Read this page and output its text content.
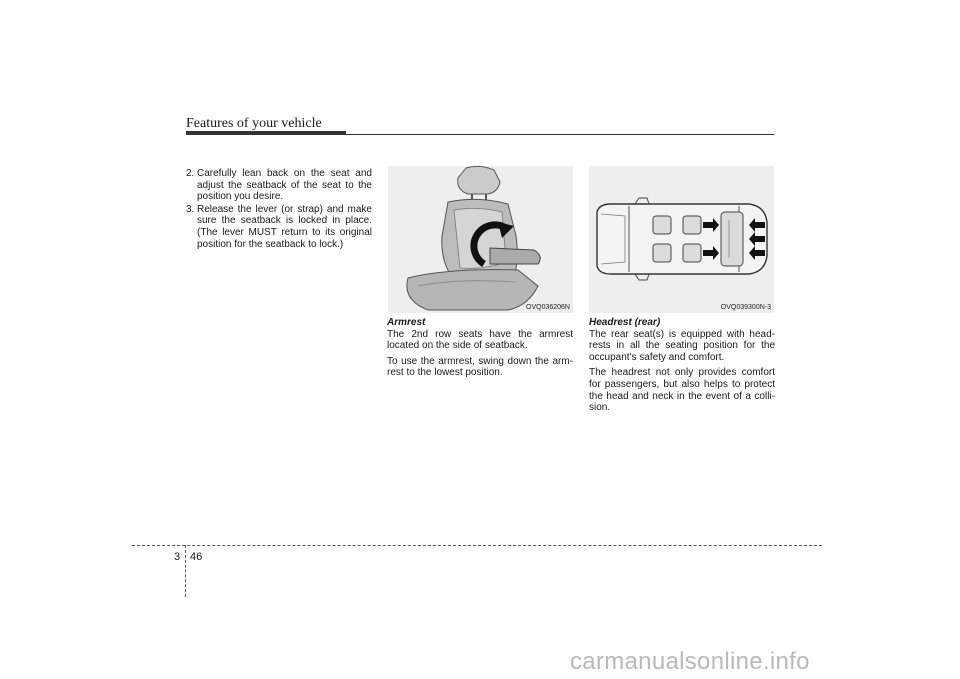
Features of your vehicle
2. Carefully lean back on the seat and adjust the seatback of the seat to the position you desire.
3. Release the lever (or strap) and make sure the seatback is locked in place. (The lever MUST return to its original position for the seatback to lock.)
OVQ036206N	OVQ039300N-3

Armrest

The 2nd row seats have the armrest located on the side of seatback.

To use the armrest, swing down the arm-rest to the lowest position.

Headrest (rear)

The rear seat(s) is equipped with head-rests in all the seating position for the occupant's safety and comfort.

The headrest not only provides comfort for passengers, but also helps to protect the head and neck in the event of a colli-sion.

3 46
carmanualsonline.info
